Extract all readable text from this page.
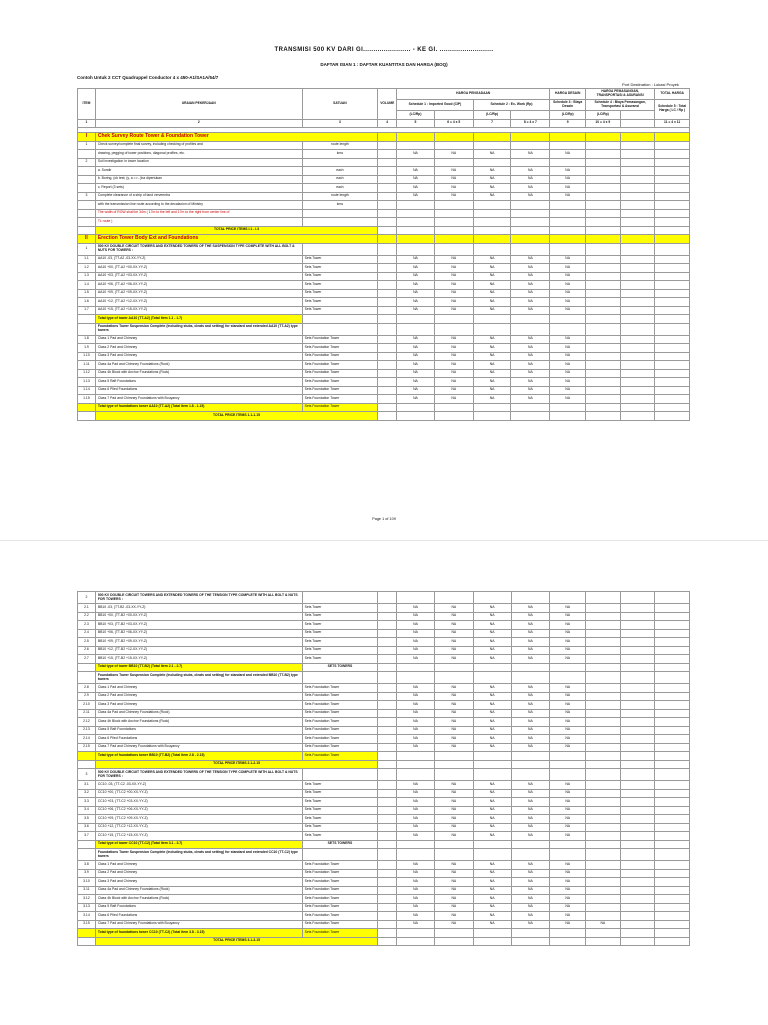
TRANSMISI 500 KV DARI GI....................... - KE GI. ..........................
DAFTAR ISIAN 1 : DAFTAR KUANTITAS DAN HARGA (BOQ)
Contoh Untuk 2 CCT Quadruppel Conductor 4 x 450-A1/SA1A/54/7
Port Destination : Lokasi Proyek
ITEM	URAIAN PEKERJAAN	SATUAN	VOLUME	HARGA PENGADAAN				HARGA DESAIN	HARGA PEMASANGAN, TRANSPORTASI & ASURANSI		TOTAL HARGA
				Schedule 1 : Imported Good (CIP)		Schedule 2 : Ex- Work (Rp)		Schedule 3 : Biaya Desain	Schedule 4 : Biaya Pemasangan, Transportasi & Asuransi		Schedule 5 : Total Harga ( LC / Rp )
				(LC/Rp)		(LC/Rp)		(LC/Rp)	(LC/Rp)		
1	2	3	4	5	6 = 4 x 5	7	8 = 4 x 7	9	10 = 4 x 9		11 = 4 x 11

I	Chek Survey Route Tower & Foundation Tower										
1	Check survey/complete final survey, including checking of profiles and	route length									
	drawing, pegging of tower positions, diagonal profiles, etc.	kms		NA	NA	NA	NA	NA			
2	Soil investigation in tower location										
	a. Sondir	each		NA	NA	NA	NA	NA			
	b. Boring, (ok test; (y, a = r...)ba dipertukan	each		NA	NA	NA	NA	NA			
	c. Report (3 sets)	each		NA	NA	NA	NA	NA			
3	Complete clearance of a strip of land verveentra	route length		NA	NA	NA	NA	NA			
	with the transmission line route according to the decalaxion of Ministry	kms									
	The width of ROW shall be 34m ( 17m to the left and 17m to the right from center line of										
	TL route )										
	TOTAL PRICE ITEMS I.1 - I.3										
II	Erection Tower Body Ext and Foundations										
1	500 KV DOUBLE CIRCUIT TOWERS AND EXTENDED TOWERS OF THE SUSPENSION TYPE COMPLETE WITH ALL BOLT & NUTS FOR TOWERS :										
1.1	AA10 -03, (TT-A2 -03-XX-YY-Z)	Sets Tower		NA	NA	NA	NA	NA			
1.2	AA10 +00, (TT-A2 +00-XX-YY-Z)	Sets Tower		NA	NA	NA	NA	NA			
1.3	AA10 +03, (TT-A2 +03-XX-YY-Z)	Sets Tower		NA	NA	NA	NA	NA			
1.4	AA10 +06, (TT-A2 +06-XX-YY-Z)	Sets Tower		NA	NA	NA	NA	NA			
1.5	AA10 +09, (TT-A2 +09-XX-YY-Z)	Sets Tower		NA	NA	NA	NA	NA			
1.6	AA10 +12, (TT-A2 +12-XX-YY-Z)	Sets Tower		NA	NA	NA	NA	NA			
1.7	AA10 +15, (TT-A2 +15-XX-YY-Z)	Sets Tower		NA	NA	NA	NA	NA			
	Total type of tower AA10 (TT-A2) (Total Item 1.1 - 1.7)										
	Foundations Tower Suspension Complete (including stubs, cleats and setting) for standard and extended AA10 (TT-A2) type towers										
1.8	Class 1 Pad and Chimney	Sets Foundation Tower		NA	NA	NA	NA	NA			
1.9	Class 2 Pad and Chimney	Sets Foundation Tower		NA	NA	NA	NA	NA			
1.10	Class 3 Pad and Chimney	Sets Foundation Tower		NA	NA	NA	NA	NA			
1.11	Class 4a Pad and Chimney Foundations (Rock)	Sets Foundation Tower		NA	NA	NA	NA	NA			
1.12	Class 4b Block with Anchor Foundations (Rock)	Sets Foundation Tower		NA	NA	NA	NA	NA			
1.13	Class 5 Raft Foundations	Sets Foundation Tower		NA	NA	NA	NA	NA			
1.14	Class 6 Piled Foundations	Sets Foundation Tower		NA	NA	NA	NA	NA			
1.15	Class 7 Pad and Chimney Foundations with Bouyancy	Sets Foundation Tower		NA	NA	NA	NA	NA			
	Total type of foundations tower AA10 (TT-A2) (Total Item 1.8 - 1.15)	Sets Foundation Tower									
	TOTAL PRICE ITEMS 1.1-1.15										
Page 1 of 109
2	500 KV DOUBLE CIRCUIT TOWERS AND EXTENDED TOWERS OF THE TENSION TYPE COMPLETE WITH ALL BOLT & NUTS FOR TOWERS :										
2.1	BB10 -03, (TT-B2 -03-XX-YY-Z)	Sets Tower		NA	NA	NA	NA	NA			
2.2	BB10 +00, (TT-B2 +00-XX-YY-Z)	Sets Tower		NA	NA	NA	NA	NA			
2.3	BB10 +03, (TT-B2 +03-XX-YY-Z)	Sets Tower		NA	NA	NA	NA	NA			
2.4	BB10 +06, (TT-B2 +06-XX-YY-Z)	Sets Tower		NA	NA	NA	NA	NA			
2.5	BB10 +09, (TT-B2 +09-XX-YY-Z)	Sets Tower		NA	NA	NA	NA	NA			
2.6	BB10 +12, (TT-B2 +12-XX-YY-Z)	Sets Tower		NA	NA	NA	NA	NA			
2.7	BB10 +15, (TT-B2 +15-XX-YY-Z)	Sets Tower		NA	NA	NA	NA	NA			
	Total type of tower BB10 (TT-B2) (Total Item 2.1 - 2.7)	SETS TOWERS									
	Foundations Tower Suspension Complete (including stubs, cleats and setting) for standard and extended BB10 (TT-B2) type towers										
2.8	Class 1 Pad and Chimney	Sets Foundation Tower		NA	NA	NA	NA	NA			
2.9	Class 2 Pad and Chimney	Sets Foundation Tower		NA	NA	NA	NA	NA			
2.10	Class 3 Pad and Chimney	Sets Foundation Tower		NA	NA	NA	NA	NA			
2.11	Class 4a Pad and Chimney Foundations (Rock)	Sets Foundation Tower		NA	NA	NA	NA	NA			
2.12	Class 4b Block with Anchor Foundations (Rock)	Sets Foundation Tower		NA	NA	NA	NA	NA			
2.13	Class 5 Raft Foundations	Sets Foundation Tower		NA	NA	NA	NA	NA			
2.14	Class 6 Piled Foundations	Sets Foundation Tower		NA	NA	NA	NA	NA			
2.15	Class 7 Pad and Chimney Foundations with Bouyancy	Sets Foundation Tower		NA	NA	NA	NA	NA			
	Total type of foundations tower BB10 (TT-B2) (Total Item 2.8 - 2.15)	Sets Foundation Tower									
	TOTAL PRICE ITEMS 2.1-2.15										
3	500 KV DOUBLE CIRCUIT TOWERS AND EXTENDED TOWERS OF THE TENSION TYPE COMPLETE WITH ALL BOLT & NUTS FOR TOWERS :										
3.1	CC10 -03, (TT-C2 -03-XX-YY-Z)	Sets Tower		NA	NA	NA	NA	NA			
3.2	CC10 +00, (TT-C2 +00-XX-YY-Z)	Sets Tower		NA	NA	NA	NA	NA			
3.3	CC10 +03, (TT-C2 +03-XX-YY-Z)	Sets Tower		NA	NA	NA	NA	NA			
3.4	CC10 +06, (TT-C2 +06-XX-YY-Z)	Sets Tower		NA	NA	NA	NA	NA			
3.5	CC10 +09, (TT-C2 +09-XX-YY-Z)	Sets Tower		NA	NA	NA	NA	NA			
3.6	CC10 +12, (TT-C2 +12-XX-YY-Z)	Sets Tower		NA	NA	NA	NA	NA			
3.7	CC10 +15, (TT-C2 +15-XX-YY-Z)	Sets Tower		NA	NA	NA	NA	NA			
	Total type of tower CC10 (TT-C2) (Total Item 3.1 - 3.7)	SETS TOWERS									
	Foundations Tower Suspension Complete (including stubs, cleats and setting) for standard and extended CC10 (TT-C2) type towers										
3.8	Class 1 Pad and Chimney	Sets Foundation Tower		NA	NA	NA	NA	NA			
3.9	Class 2 Pad and Chimney	Sets Foundation Tower		NA	NA	NA	NA	NA			
3.10	Class 3 Pad and Chimney	Sets Foundation Tower		NA	NA	NA	NA	NA			
3.11	Class 4a Pad and Chimney Foundations (Rock)	Sets Foundation Tower		NA	NA	NA	NA	NA			
3.12	Class 4b Block with Anchor Foundations (Rock)	Sets Foundation Tower		NA	NA	NA	NA	NA			
3.13	Class 5 Raft Foundations	Sets Foundation Tower		NA	NA	NA	NA	NA			
3.14	Class 6 Piled Foundations	Sets Foundation Tower		NA	NA	NA	NA	NA			
3.15	Class 7 Pad and Chimney Foundations with Bouyancy	Sets Foundation Tower		NA	NA	NA	NA	NA	NA		
	Total type of foundations tower CC10 (TT-C2) (Total Item 3.8 - 3.15)	Sets Foundation Tower									
	TOTAL PRICE ITEMS 3.1-3.15										
